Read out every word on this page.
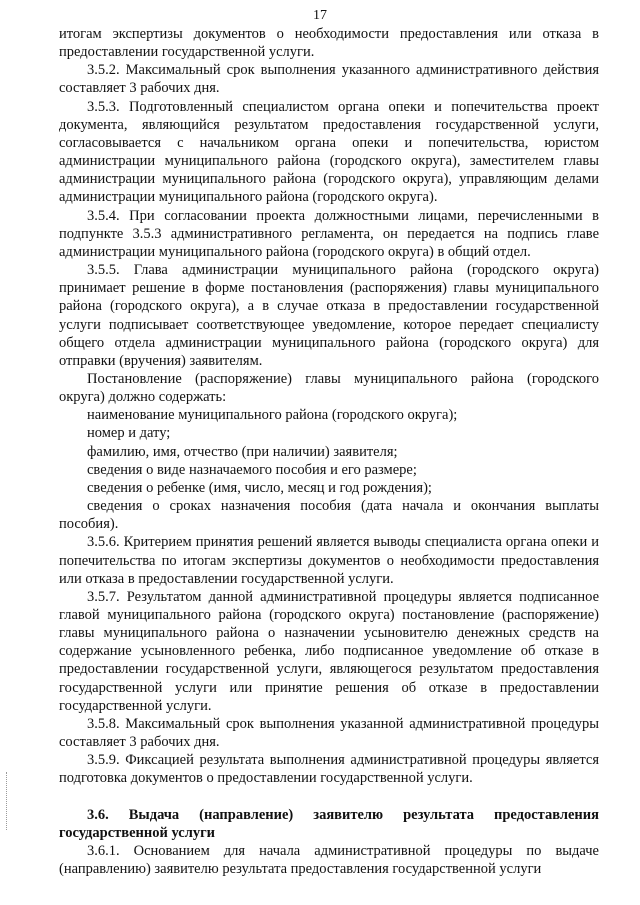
17

итогам экспертизы документов о необходимости предоставления или отказа в предоставлении государственной услуги.

3.5.2. Максимальный срок выполнения указанного административного действия составляет 3 рабочих дня.

3.5.3. Подготовленный специалистом органа опеки и попечительства проект документа, являющийся результатом предоставления государственной услуги, согласовывается с начальником органа опеки и попечительства, юристом администрации муниципального района (городского округа), заместителем главы администрации муниципального района (городского округа), управляющим делами администрации муниципального района (городского округа).

3.5.4. При согласовании проекта должностными лицами, перечисленными в подпункте 3.5.3 административного регламента, он передается на подпись главе администрации муниципального района (городского округа) в общий отдел.

3.5.5. Глава администрации муниципального района (городского округа) принимает решение в форме постановления (распоряжения) главы муниципального района (городского округа), а в случае отказа в предоставлении государственной услуги подписывает соответствующее уведомление, которое передает специалисту общего отдела администрации муниципального района (городского округа) для отправки (вручения) заявителям.

Постановление (распоряжение) главы муниципального района (городского округа) должно содержать:

наименование муниципального района (городского округа);

номер и дату;

фамилию, имя, отчество (при наличии) заявителя;

сведения о виде назначаемого пособия и его размере;

сведения о ребенке (имя, число, месяц и год рождения);

сведения о сроках назначения пособия (дата начала и окончания выплаты пособия).

3.5.6. Критерием принятия решений является выводы специалиста органа опеки и попечительства по итогам экспертизы документов о необходимости предоставления или отказа в предоставлении государственной услуги.

3.5.7. Результатом данной административной процедуры является подписанное главой муниципального района (городского округа) постановление (распоряжение) главы муниципального района о назначении усыновителю денежных средств на содержание усыновленного ребенка, либо подписанное уведомление об отказе в предоставлении государственной услуги, являющегося результатом предоставления государственной услуги или принятие решения об отказе в предоставлении государственной услуги.

3.5.8. Максимальный срок выполнения указанной административной процедуры составляет 3 рабочих дня.

3.5.9. Фиксацией результата выполнения административной процедуры является подготовка документов о предоставлении государственной услуги.

3.6. Выдача (направление) заявителю результата предоставления государственной услуги

3.6.1. Основанием для начала административной процедуры по выдаче (направлению) заявителю результата предоставления государственной услуги
